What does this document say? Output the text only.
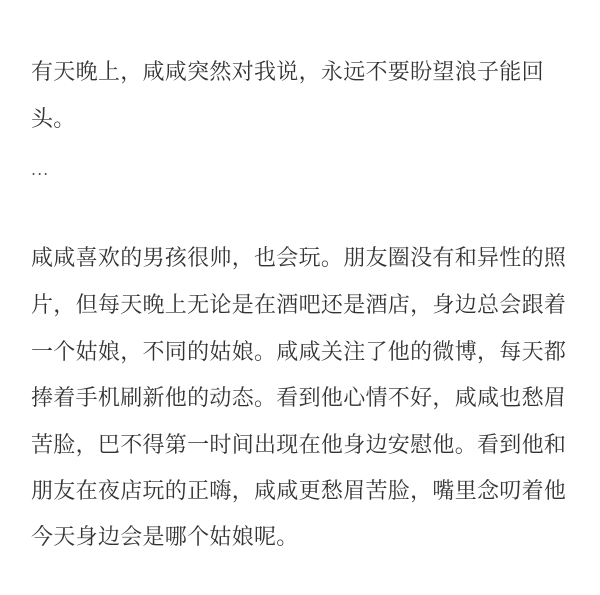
有天晚上，咸咸突然对我说，永远不要盼望浪子能回

头。

...

咸咸喜欢的男孩很帅，也会玩。朋友圈没有和异性的照

片，但每天晚上无论是在酒吧还是酒店，身边总会跟着

一个姑娘，不同的姑娘。咸咸关注了他的微博，每天都

捧着手机刷新他的动态。看到他心情不好，咸咸也愁眉

苦脸，巴不得第一时间出现在他身边安慰他。看到他和

朋友在夜店玩的正嗨，咸咸更愁眉苦脸，嘴里念叨着他

今天身边会是哪个姑娘呢。
